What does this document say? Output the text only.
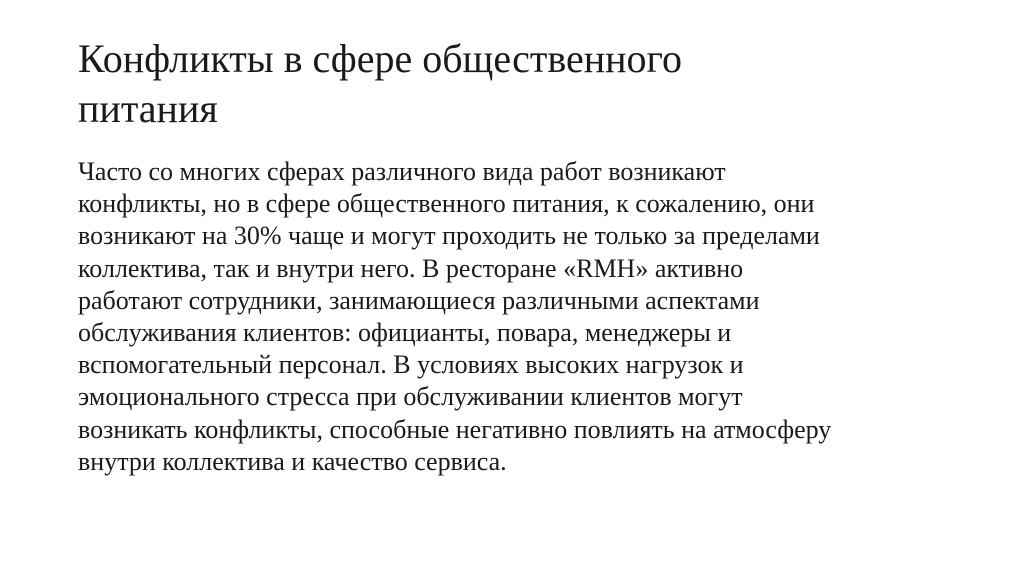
Конфликты в сфере общественного
питания
Часто со многих сферах различного вида работ возникают
конфликты, но в сфере общественного питания, к сожалению, они
возникают на 30% чаще и могут проходить не только за пределами
коллектива, так и внутри него. В ресторане «RMH» активно
работают сотрудники, занимающиеся различными аспектами
обслуживания клиентов: официанты, повара, менеджеры и
вспомогательный персонал. В условиях высоких нагрузок и
эмоционального стресса при обслуживании клиентов могут
возникать конфликты, способные негативно повлиять на атмосферу
внутри коллектива и качество сервиса.
